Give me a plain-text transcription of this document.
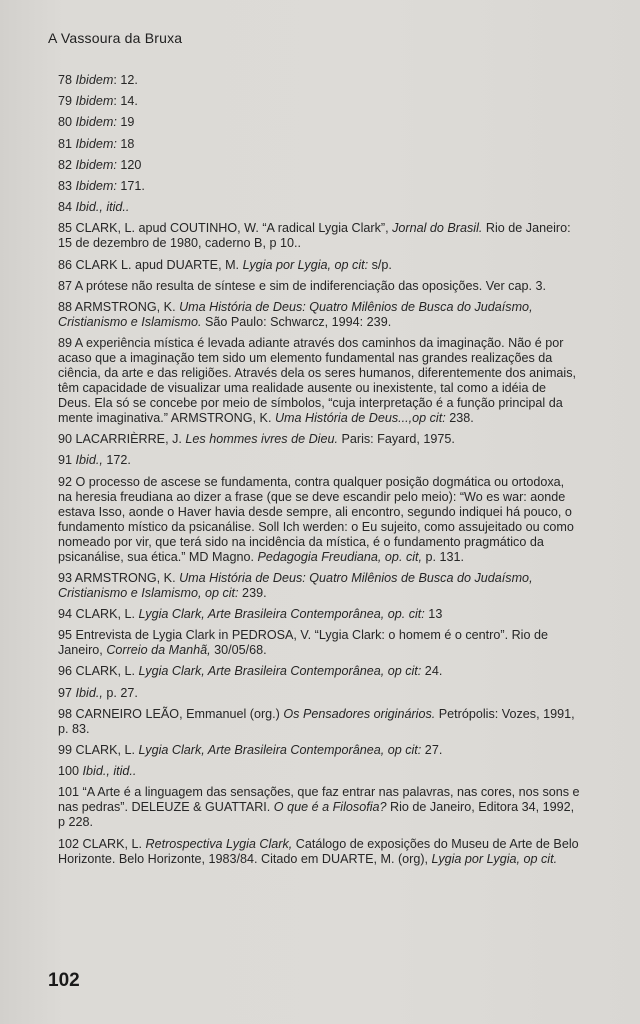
A Vassoura da Bruxa

78 Ibidem: 12.

79 Ibidem: 14.

80 Ibidem: 19

81 Ibidem: 18

82 Ibidem: 120

83 Ibidem: 171.

84 Ibid., itid..

85 CLARK, L. apud COUTINHO, W. “A radical Lygia Clark”, Jornal do Brasil. Rio de Janeiro: 15 de dezembro de 1980, caderno B, p 10..

86 CLARK L. apud DUARTE, M. Lygia por Lygia, op cit: s/p.

87 A prótese não resulta de síntese e sim de indiferenciação das oposições. Ver cap. 3.

88 ARMSTRONG, K. Uma História de Deus: Quatro Milênios de Busca do Judaísmo, Cristianismo e Islamismo. São Paulo: Schwarcz, 1994: 239.

89 A experiência mística é levada adiante através dos caminhos da imaginação. Não é por acaso que a imaginação tem sido um elemento fundamental nas grandes realizações da ciência, da arte e das religiões. Através dela os seres humanos, diferentemente dos animais, têm capacidade de visualizar uma realidade ausente ou inexistente, tal como a idéia de Deus. Ela só se concebe por meio de símbolos, “cuja interpretação é a função principal da mente imaginativa.” ARMSTRONG, K. Uma História de Deus...,op cit: 238.

90 LACARRIÈRRE, J. Les hommes ivres de Dieu. Paris: Fayard, 1975.

91 Ibid., 172.

92 O processo de ascese se fundamenta, contra qualquer posição dogmática ou ortodoxa, na heresia freudiana ao dizer a frase (que se deve escandir pelo meio): “Wo es war: aonde estava Isso, aonde o Haver havia desde sempre, ali encontro, segundo indiquei há pouco, o fundamento místico da psicanálise. Soll Ich werden: o Eu sujeito, como assujeitado ou como nomeado por vir, que terá sido na incidência da mística, é o fundamento pragmático da psicanálise, sua ética.” MD Magno. Pedagogia Freudiana, op. cit, p. 131.

93 ARMSTRONG, K. Uma História de Deus: Quatro Milênios de Busca do Judaísmo, Cristianismo e Islamismo, op cit: 239.

94 CLARK, L. Lygia Clark, Arte Brasileira Contemporânea, op. cit: 13

95 Entrevista de Lygia Clark in PEDROSA, V. “Lygia Clark: o homem é o centro”. Rio de Janeiro, Correio da Manhã, 30/05/68.

96 CLARK, L. Lygia Clark, Arte Brasileira Contemporânea, op cit: 24.

97 Ibid., p. 27.

98 CARNEIRO LEÃO, Emmanuel (org.) Os Pensadores originários. Petrópolis: Vozes, 1991, p. 83.

99 CLARK, L. Lygia Clark, Arte Brasileira Contemporânea, op cit: 27.

100 Ibid., itid..

101 “A Arte é a linguagem das sensações, que faz entrar nas palavras, nas cores, nos sons e nas pedras”. DELEUZE & GUATTARI. O que é a Filosofia? Rio de Janeiro, Editora 34, 1992, p 228.

102 CLARK, L. Retrospectiva Lygia Clark, Catálogo de exposições do Museu de Arte de Belo Horizonte. Belo Horizonte, 1983/84. Citado em DUARTE, M. (org), Lygia por Lygia, op cit.

102
